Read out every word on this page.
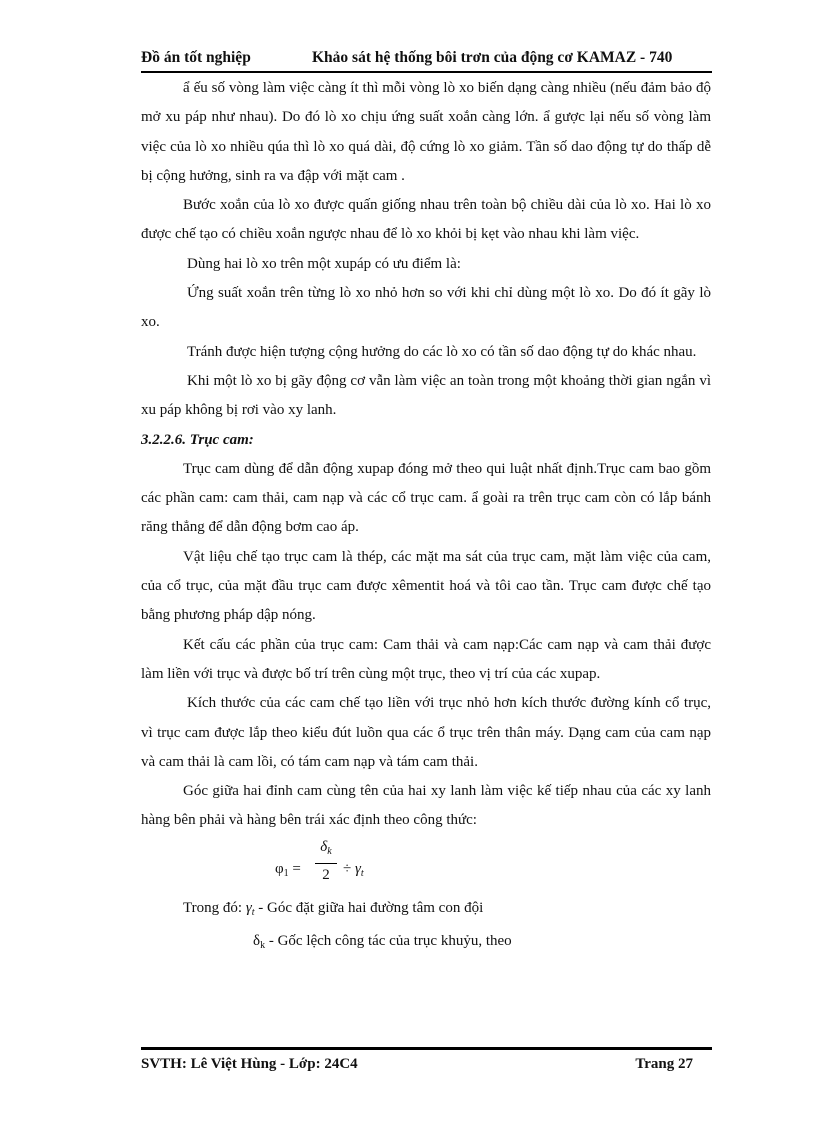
Đồ án tốt nghiệp	Khảo sát hệ thống bôi trơn của động cơ KAMAZ - 740

ẩ ếu số vòng làm việc càng ít thì mỗi vòng lò xo biến dạng càng nhiều (nếu đảm bảo độ mở xu páp như nhau). Do đó lò xo chịu ứng suất xoắn càng lớn. ẩ gược lại nếu số vòng làm việc của lò xo nhiều qúa thì lò xo quá dài, độ cứng lò xo giảm. Tần số dao động tự do thấp dễ bị cộng hưởng, sinh ra va đập với mặt cam .

Bước xoắn của lò xo được quấn giống nhau trên toàn bộ chiều dài của lò xo. Hai lò xo được chế tạo có chiều xoắn ngược nhau để lò xo khỏi bị kẹt vào nhau khi làm việc.

Dùng hai lò xo trên một xupáp có ưu điểm là:

Ứng suất xoắn trên từng lò xo nhỏ hơn so với khi chỉ dùng một lò xo. Do đó ít gãy lò xo.

Tránh được hiện tượng cộng hưởng do các lò xo có tần số dao động tự do khác nhau.

Khi một lò xo bị gãy động cơ vẫn làm việc an toàn trong một khoảng thời gian ngắn vì xu páp không bị rơi vào xy lanh.

3.2.2.6. Trục cam:

Trục cam dùng để dẫn động xupap đóng mở theo qui luật nhất định.Trục cam bao gồm các phần cam: cam thải, cam nạp và các cổ trục cam. ẩ goài ra trên trục cam còn có lắp bánh răng thẳng để dẫn động bơm cao áp.

Vật liệu chế tạo trục cam là thép, các mặt ma sát của trục cam, mặt làm việc của cam, của cổ trục, của mặt đầu trục cam được xêmentit hoá và tôi cao tần. Trục cam được chế tạo bằng phương pháp dập nóng.

Kết cấu các phần của trục cam: Cam thải và cam nạp:Các cam nạp và cam thải được làm liền với trục và được bố trí trên cùng một trục, theo vị trí của các xupap.

Kích thước của các cam chế tạo liền với trục nhỏ hơn kích thước đường kính cổ trục, vì trục cam được lắp theo kiểu đút luồn qua các ổ trục trên thân máy. Dạng cam của cam nạp và cam thải là cam lồi, có tám cam nạp và tám cam thải.

Góc giữa hai đỉnh cam cùng tên của hai xy lanh làm việc kế tiếp nhau của các xy lanh hàng bên phải và hàng bên trái xác định theo công thức:

$\varphi_1$ =
$\delta_k$
$2 \div \gamma_t$

Trong đó: $\gamma_t$ - Góc đặt giữa hai đường tâm con đội

$\delta_k$ - Gốc lệch công tác của trục khuỷu, theo

SVTH: Lê Việt Hùng - Lớp: 24C4	Trang 27
